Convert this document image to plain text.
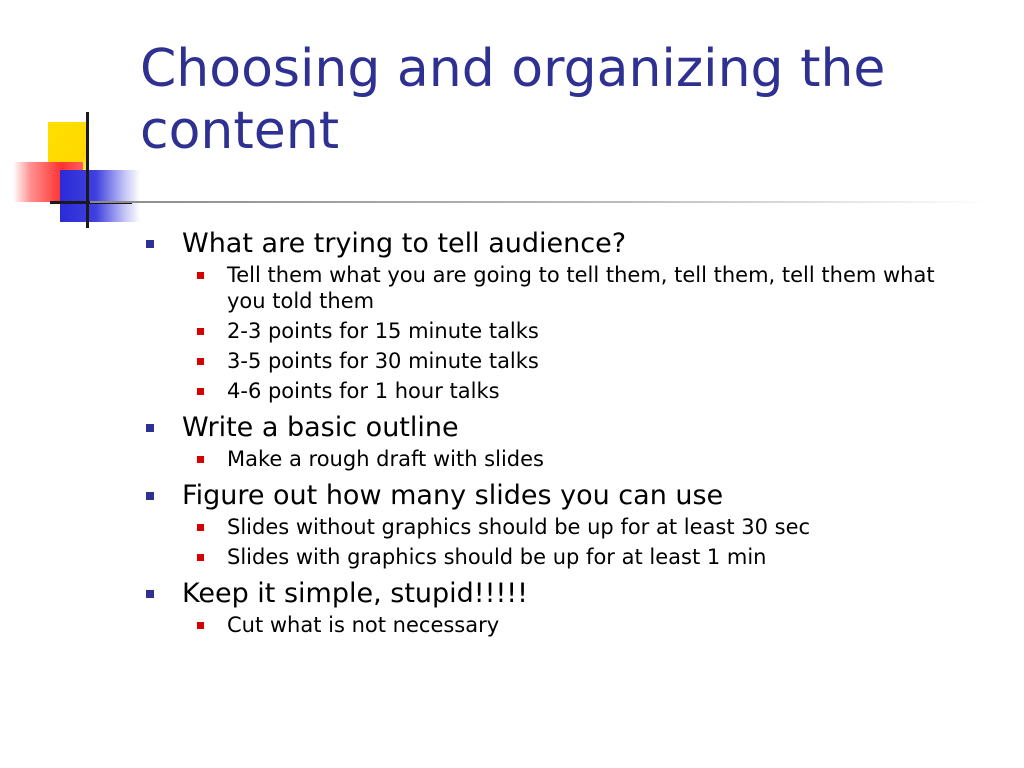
Choosing and organizing the content
What are trying to tell audience?
Tell them what you are going to tell them, tell them, tell them what you told them
2-3 points for 15 minute talks
3-5 points for 30 minute talks
4-6 points for 1 hour talks
Write a basic outline
Make a rough draft with slides
Figure out how many slides you can use
Slides without graphics should be up for at least 30 sec
Slides with graphics should be up for at least 1 min
Keep it simple, stupid!!!!!
Cut what is not necessary
